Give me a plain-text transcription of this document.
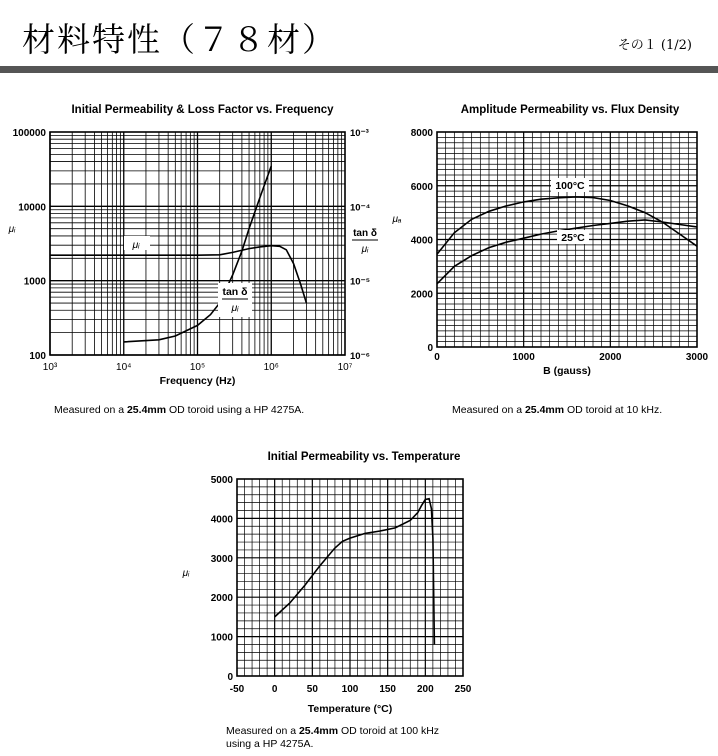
材料特性（７８材）	その１ (1/2)
Initial Permeability & Loss Factor vs. Frequency
10³	10⁴	10⁵	10⁶	10⁷
Frequency (Hz)
100
1000
10000
100000
μᵢ
10⁻³
10⁻⁴
10⁻⁵
10⁻⁶
tan δ
μᵢ
μᵢ
tan δ
μᵢ
Amplitude Permeability vs. Flux Density
0	1000	2000	3000
B (gauss)
0
2000
4000
6000
8000
μₐ
100°C
25°C
Initial Permeability vs. Temperature
-50	0	50 100 150 200 250
Temperature (°C)
0
1000
2000
3000
4000
5000
μᵢ
Measured on a 25.4mm OD toroid using a HP 4275A.	Measured on a 25.4mm OD toroid at 10 kHz.
Measured on a 25.4mm OD toroid at 100 kHz
using a HP 4275A.
